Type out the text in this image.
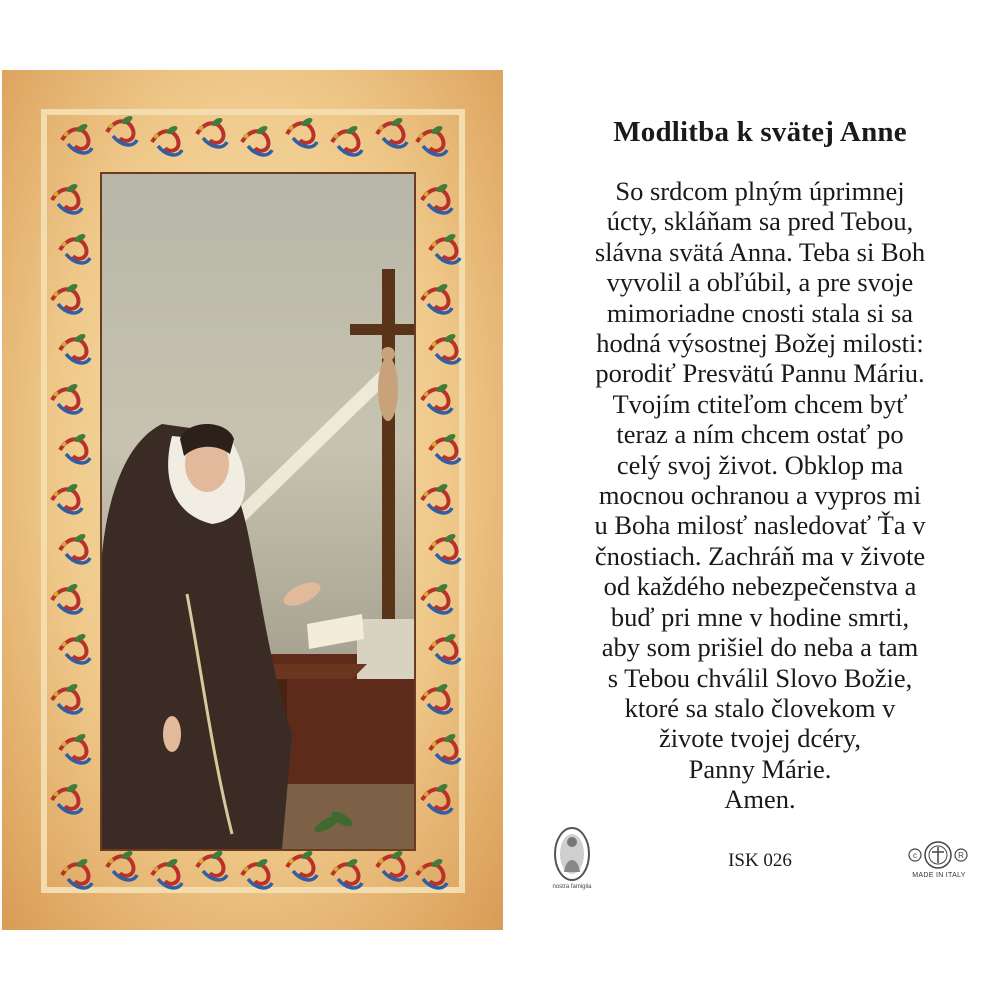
Modlitba k svätej Anne
So srdcom plným úprimnej
úcty, skláňam sa pred Tebou,
slávna svätá Anna. Teba si Boh
vyvolil a obľúbil, a pre svoje
mimoriadne cnosti stala si sa
hodná výsostnej Božej milosti:
porodiť Presvätú Pannu Máriu.
Tvojím ctiteľom chcem byť
teraz a ním chcem ostať po
celý svoj život. Obklop ma
mocnou ochranou a vypros mi
u Boha milosť nasledovať Ťa v
čnostiach. Zachráň ma v živote
od každého nebezpečenstva a
buď pri mne v hodine smrti,
aby som prišiel do neba a tam
s Tebou chválil Slovo Božie,
ktoré sa stalo človekom v
živote tvojej dcéry,
Panny Márie.
Amen.
nostra famiglia
ISK 026	c	R
MADE IN ITALY
